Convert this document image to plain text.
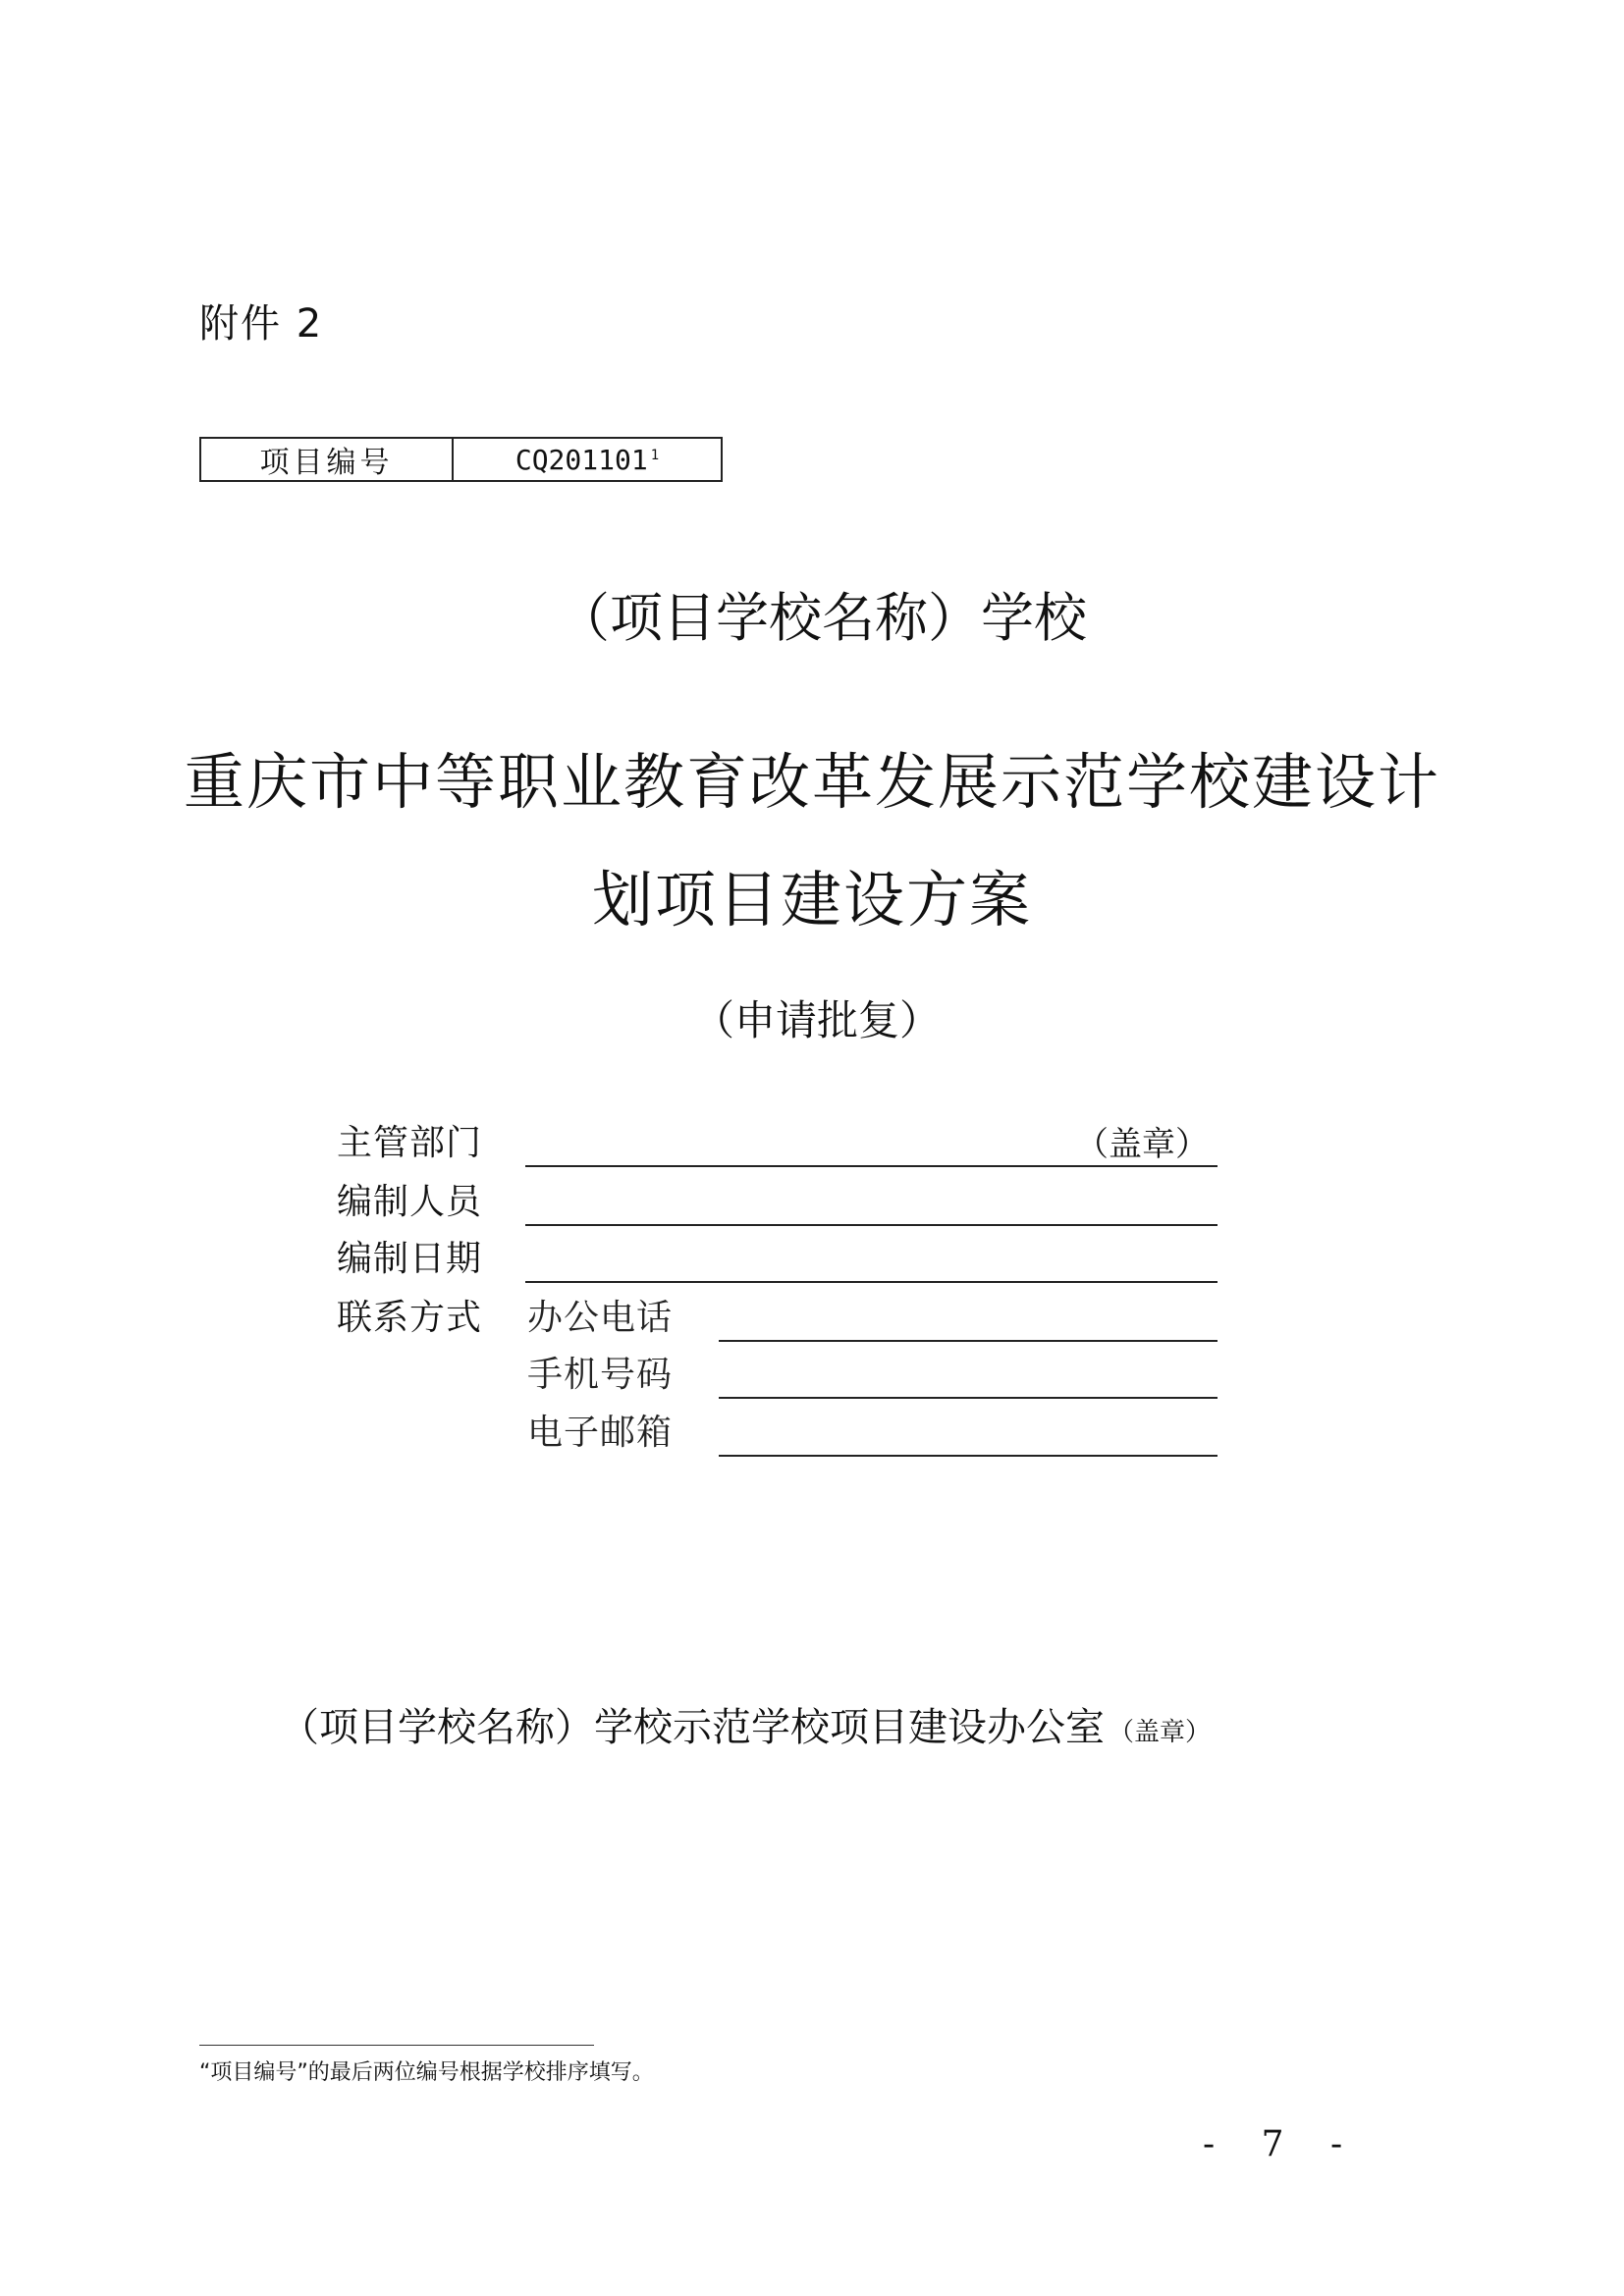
附件 2
项目编号	CQ201101$^1$
（项目学校名称）学校
重庆市中等职业教育改革发展示范学校建设计
划项目建设方案
（申请批复）
主管部门	（盖章）
编制人员
编制日期
联系方式 办公电话
手机号码
电子邮箱
（项目学校名称）学校示范学校项目建设办公室 （盖章）
“项目编号”的最后两位编号根据学校排序填写。
- 7 -
